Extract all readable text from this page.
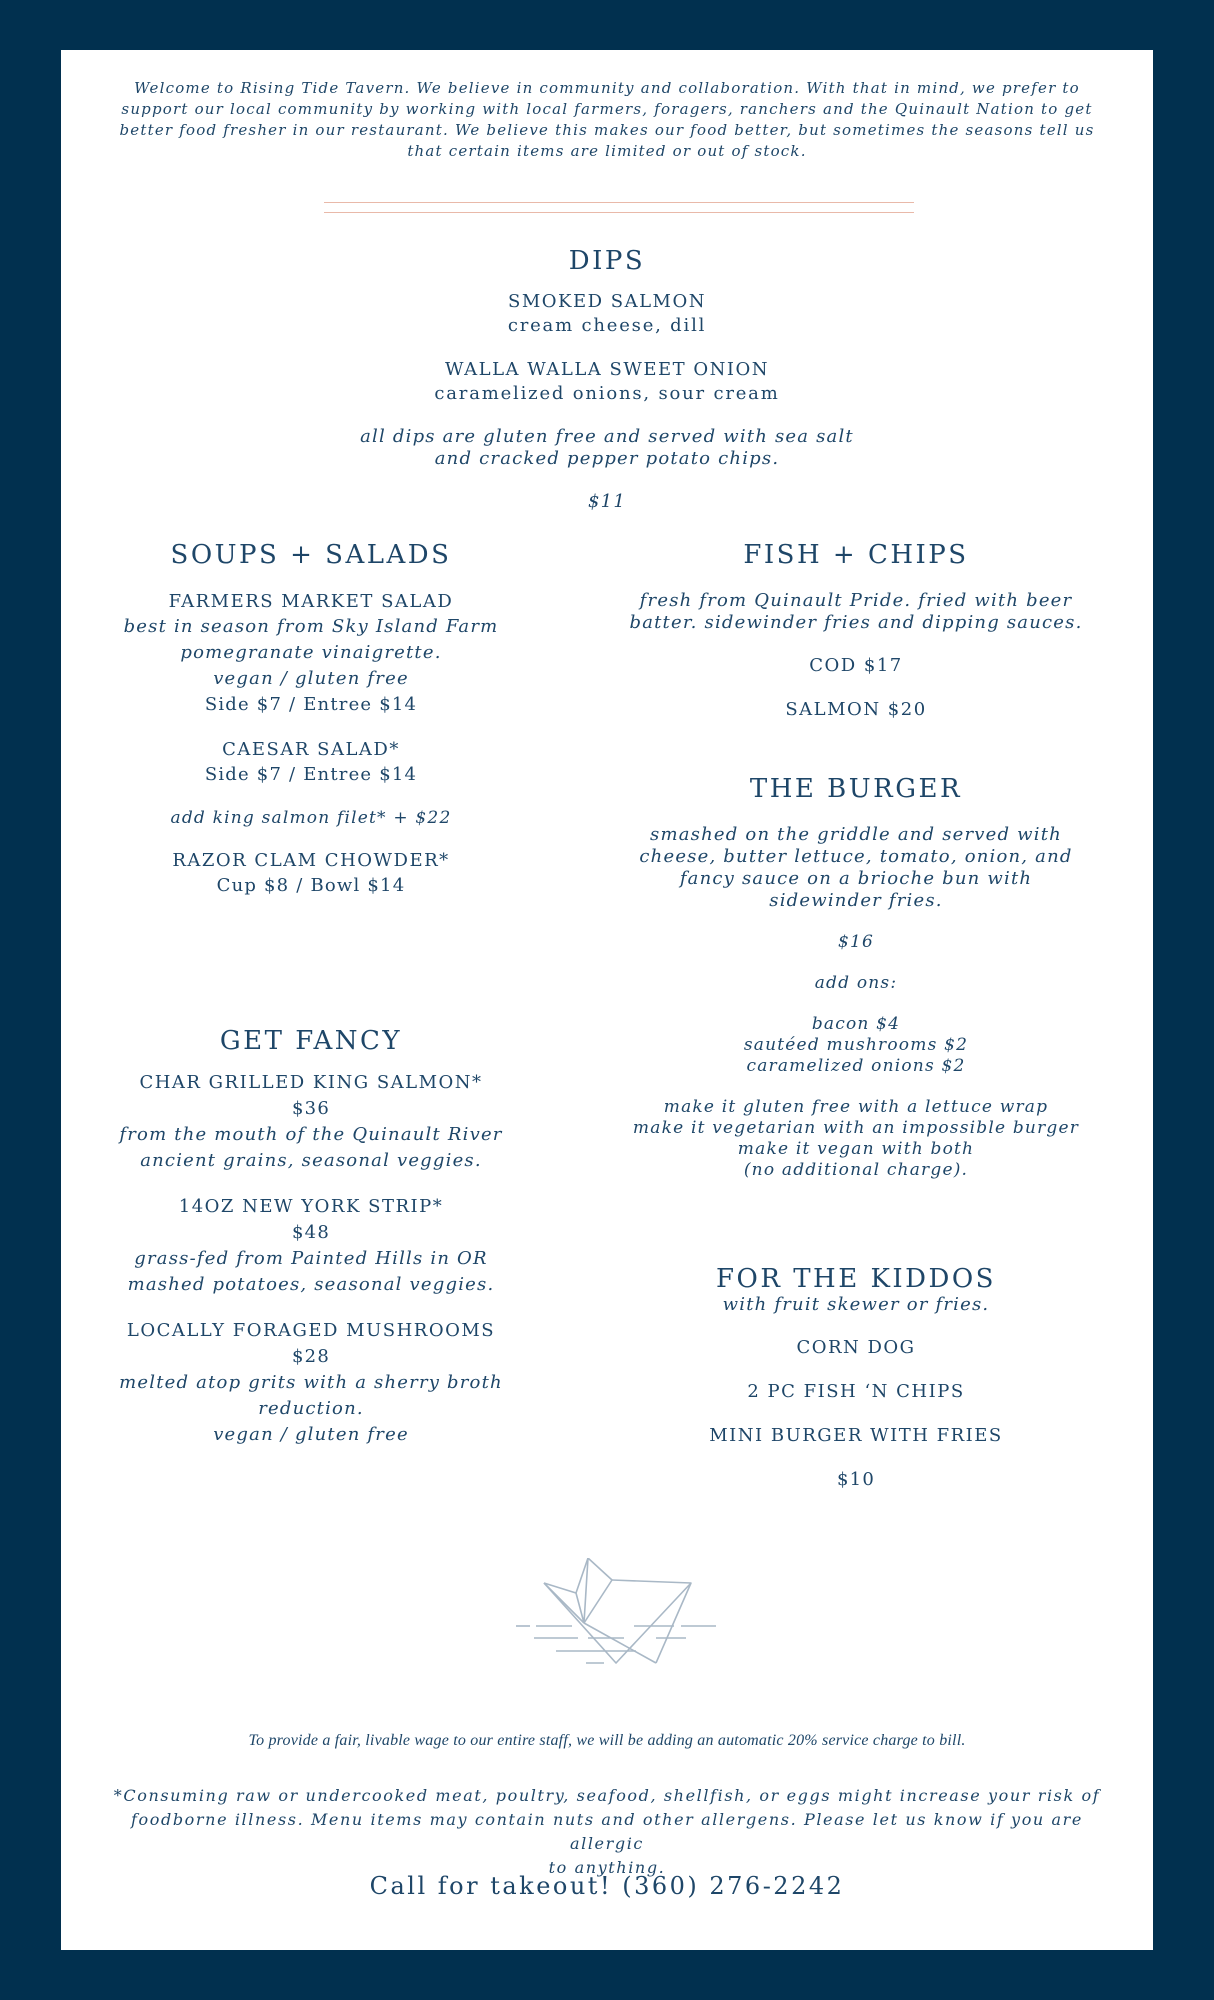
Welcome to Rising Tide Tavern. We believe in community and collaboration. With that in mind, we prefer to support our local community by working with local farmers, foragers, ranchers and the Quinault Nation to get better food fresher in our restaurant. We believe this makes our food better, but sometimes the seasons tell us that certain items are limited or out of stock.
DIPS
SMOKED SALMON
cream cheese, dill
WALLA WALLA SWEET ONION
caramelized onions, sour cream
all dips are gluten free and served with sea salt
and cracked pepper potato chips.
$11
SOUPS + SALADS
FARMERS MARKET SALAD
best in season from Sky Island Farm
pomegranate vinaigrette.
vegan / gluten free
Side $7 / Entree $14
CAESAR SALAD*
Side $7 / Entree $14
add king salmon filet* + $22
RAZOR CLAM CHOWDER*
Cup $8 / Bowl $14
GET FANCY
CHAR GRILLED KING SALMON*
$36
from the mouth of the Quinault River
ancient grains, seasonal veggies.
14OZ NEW YORK STRIP*
$48
grass-fed from Painted Hills in OR
mashed potatoes, seasonal veggies.
LOCALLY FORAGED MUSHROOMS
$28
melted atop grits with a sherry broth
reduction.
vegan / gluten free
FISH + CHIPS
fresh from Quinault Pride. fried with beer
batter. sidewinder fries and dipping sauces.
COD $17
SALMON $20
THE BURGER
smashed on the griddle and served with
cheese, butter lettuce, tomato, onion, and
fancy sauce on a brioche bun with
sidewinder fries.
$16
add ons:
bacon $4
sautéed mushrooms $2
caramelized onions $2
make it gluten free with a lettuce wrap
make it vegetarian with an impossible burger
make it vegan with both
(no additional charge).
FOR THE KIDDOS
with fruit skewer or fries.
CORN DOG
2 PC FISH ‘N CHIPS
MINI BURGER WITH FRIES
$10
To provide a fair, livable wage to our entire staff, we will be adding an automatic 20% service charge to bill.
*Consuming raw or undercooked meat, poultry, seafood, shellfish, or eggs might increase your risk of
foodborne illness. Menu items may contain nuts and other allergens. Please let us know if you are allergic
to anything.
Call for takeout! (360) 276-2242
